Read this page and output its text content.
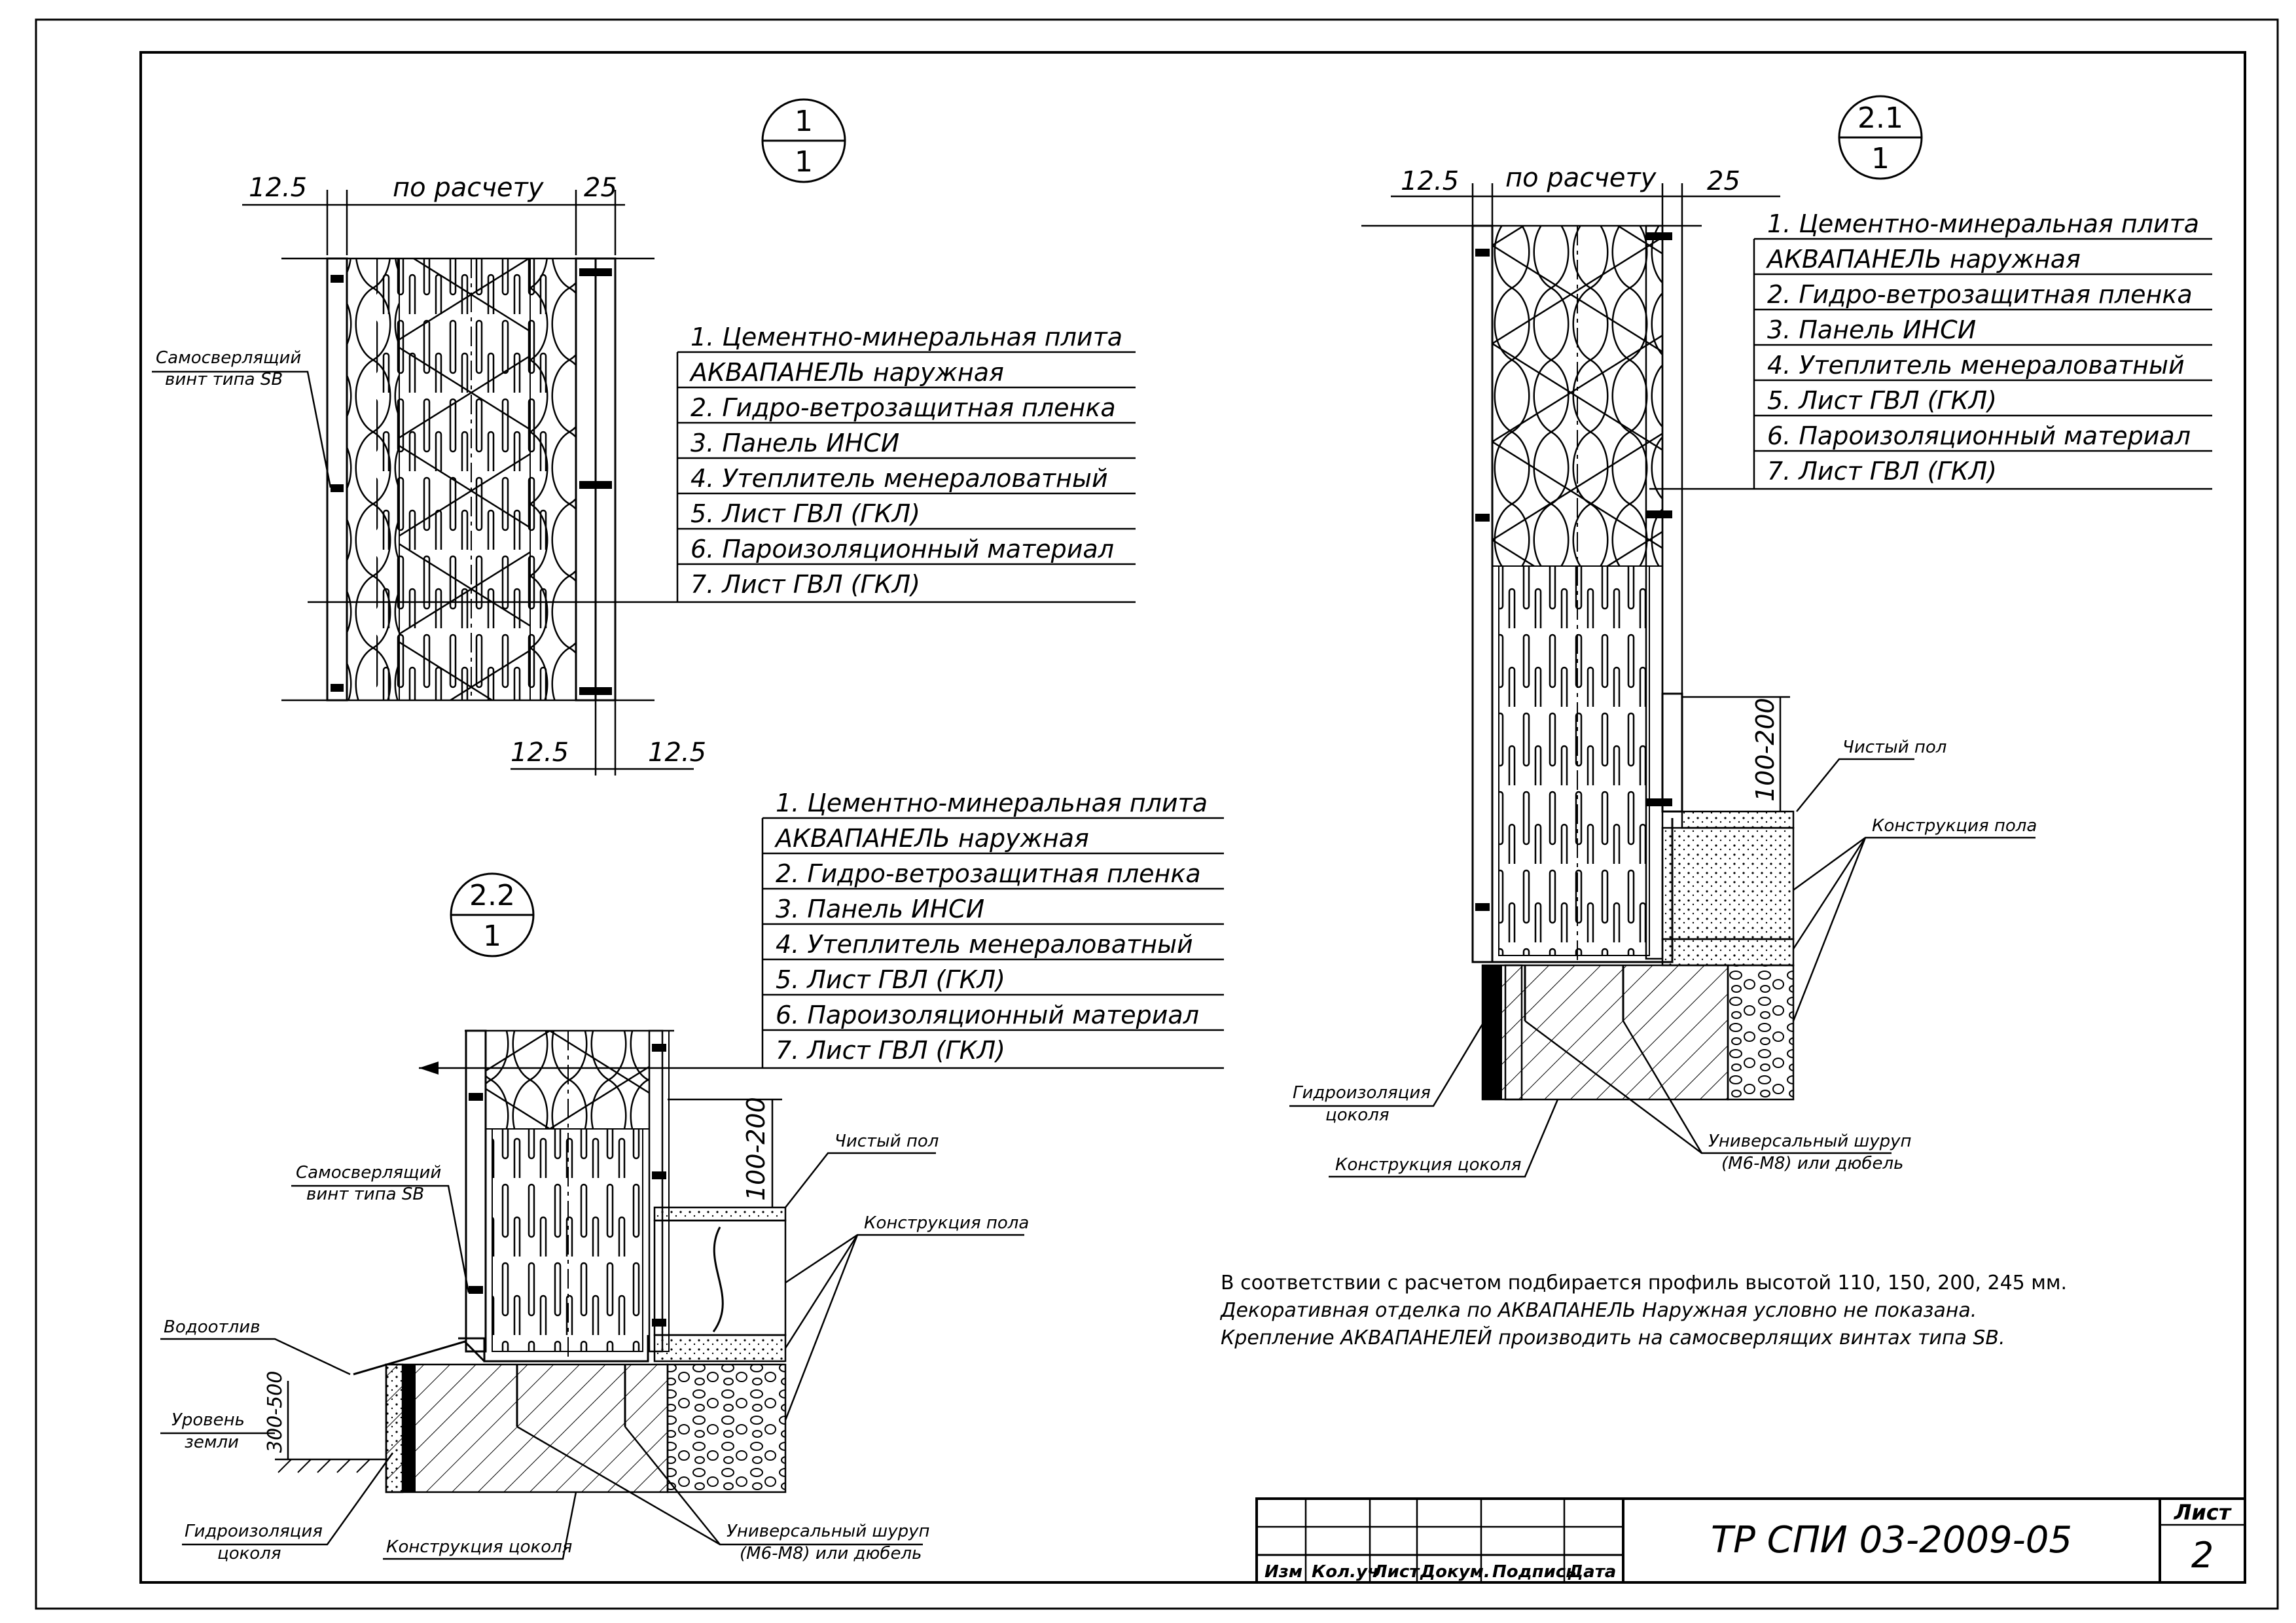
1
1
12.5	по расчету 25
12.5	12.5
Самосверлящий
винт типа SB
1. Цементно-минеральная плита
АКВАПАНЕЛЬ наружная
2. Гидро-ветрозащитная пленка
3. Панель ИНСИ
4. Утеплитель менераловатный
5. Лист ГВЛ (ГКЛ)
6. Пароизоляционный материал
7. Лист ГВЛ (ГКЛ)
2.1
1
12.5 по расчету 25
100-200	Чистый пол
Конструкция пола
Гидроизоляция
цоколя
Конструкция цоколя
Универсальный шуруп
(М6-М8) или дюбель
1. Цементно-минеральная плита
АКВАПАНЕЛЬ наружная
2. Гидро-ветрозащитная пленка
3. Панель ИНСИ
4. Утеплитель менераловатный
5. Лист ГВЛ (ГКЛ)
6. Пароизоляционный материал
7. Лист ГВЛ (ГКЛ)
2.2
1
100-200
300-500
Чистый пол
Конструкция пола
Самосверлящий
винт типа SB
Водоотлив
Уровень
земли
Гидроизоляция
цоколя	Конструкция цоколя
Универсальный шуруп
(М6-М8) или дюбель
1. Цементно-минеральная плита
АКВАПАНЕЛЬ наружная
2. Гидро-ветрозащитная пленка
3. Панель ИНСИ
4. Утеплитель менераловатный
5. Лист ГВЛ (ГКЛ)
6. Пароизоляционный материал
7. Лист ГВЛ (ГКЛ)
В соответствии с расчетом подбирается профиль высотой 110, 150, 200, 245 мм.
Декоративная отделка по АКВАПАНЕЛЬ Наружная условно не показана.
Крепление АКВАПАНЕЛЕЙ производить на самосверлящих винтах типа SB.
Изм Кол.уч
Лист Докум. Подпись
Дата
ТР СПИ 03-2009-05
Лист
2
